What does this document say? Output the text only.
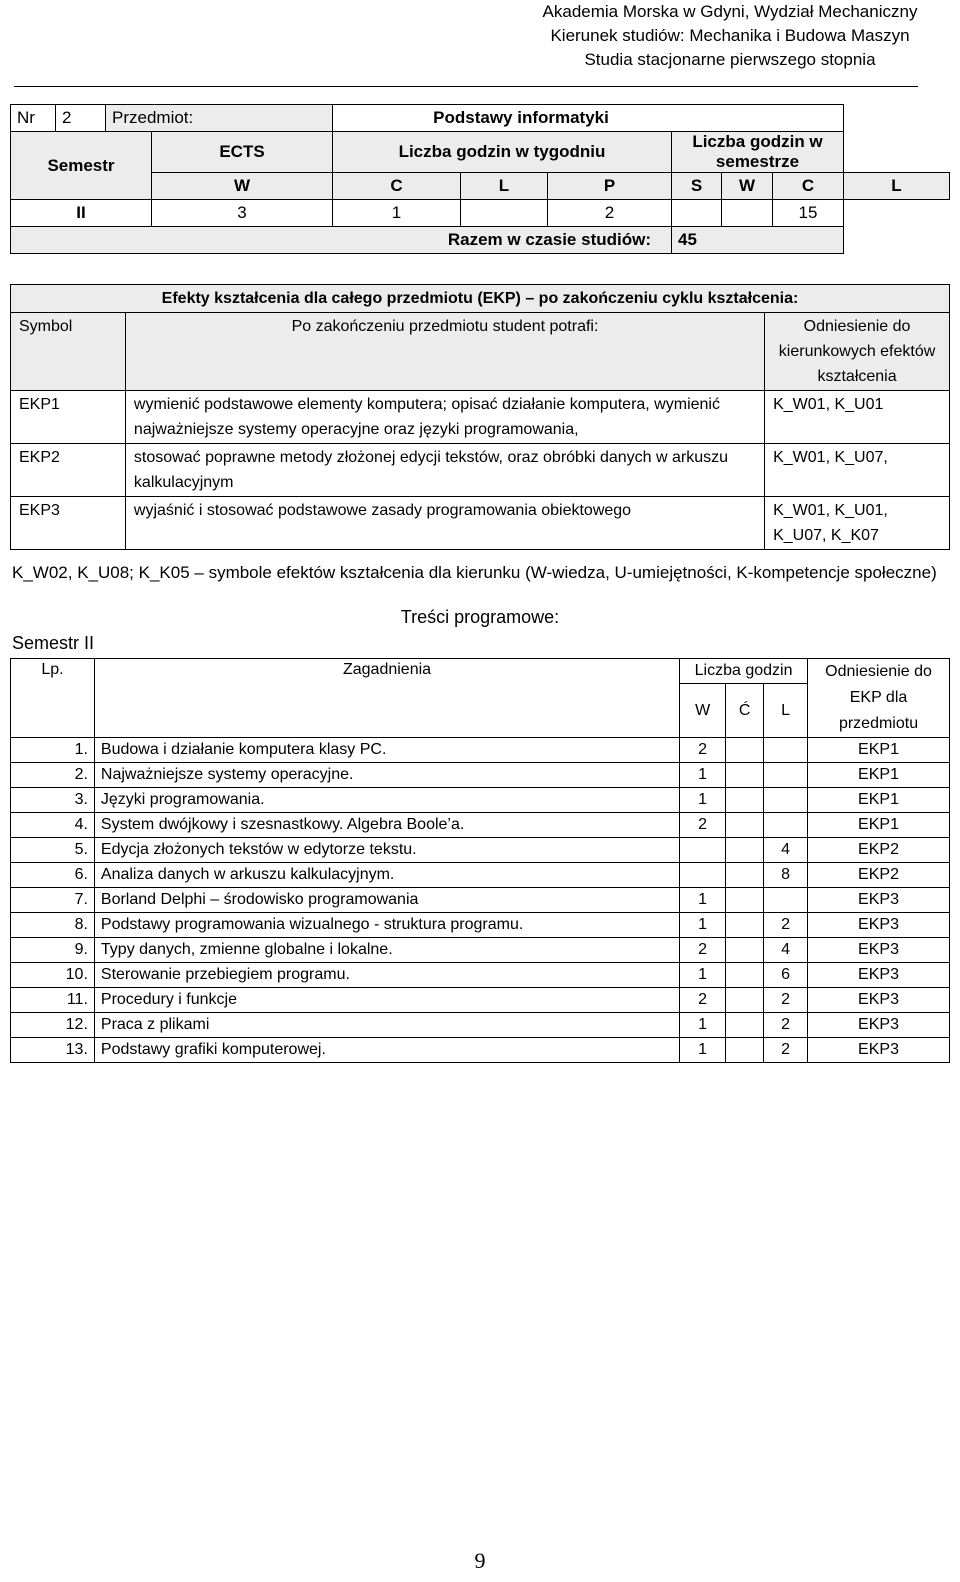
Akademia Morska w Gdyni, Wydział Mechaniczny
Kierunek studiów: Mechanika i Budowa Maszyn
Studia stacjonarne pierwszego stopnia
Nr	2	Przedmiot:		Podstawy informatyki						
Semestr			ECTS	Liczba godzin w tygodniu			Liczba godzin w semestrze			
			W	C	L	P	S	W	C	L
II			3	1		2			15	
Razem w czasie studiów:							45			
Efekty kształcenia dla całego przedmiotu (EKP) – po zakończeniu cyklu kształcenia:		
Symbol	Po zakończeniu przedmiotu student potrafi:	Odniesienie do kierunkowych efektów kształcenia
EKP1	wymienić podstawowe elementy komputera; opisać działanie komputera, wymienić najważniejsze systemy operacyjne oraz języki programowania,	K_W01, K_U01
EKP2	stosować poprawne metody złożonej edycji tekstów, oraz obróbki danych w arkuszu kalkulacyjnym	K_W01, K_U07,
EKP3	wyjaśnić i stosować podstawowe zasady programowania obiektowego	K_W01, K_U01, K_U07, K_K07
K_W02, K_U08; K_K05 – symbole efektów kształcenia dla kierunku (W-wiedza, U-umiejętności, K-kompetencje społeczne)
Treści programowe:
Semestr II
Lp.	Zagadnienia	Liczba godzin			Odniesienie do EKP dla przedmiotu
		W	Ć	L	
1.	Budowa i działanie komputera klasy PC.	2			EKP1
2.	Najważniejsze systemy operacyjne.	1			EKP1
3.	Języki programowania.	1			EKP1
4.	System dwójkowy i szesnastkowy. Algebra Boole’a.	2			EKP1
5.	Edycja złożonych tekstów w edytorze tekstu.			4	EKP2
6.	Analiza danych w arkuszu kalkulacyjnym.			8	EKP2
7.	Borland Delphi – środowisko programowania	1			EKP3
8.	Podstawy programowania wizualnego - struktura programu.	1		2	EKP3
9.	Typy danych, zmienne globalne i lokalne.	2		4	EKP3
10.	Sterowanie przebiegiem programu.	1		6	EKP3
11.	Procedury i funkcje	2		2	EKP3
12.	Praca z plikami	1		2	EKP3
13.	Podstawy grafiki komputerowej.	1		2	EKP3
9
